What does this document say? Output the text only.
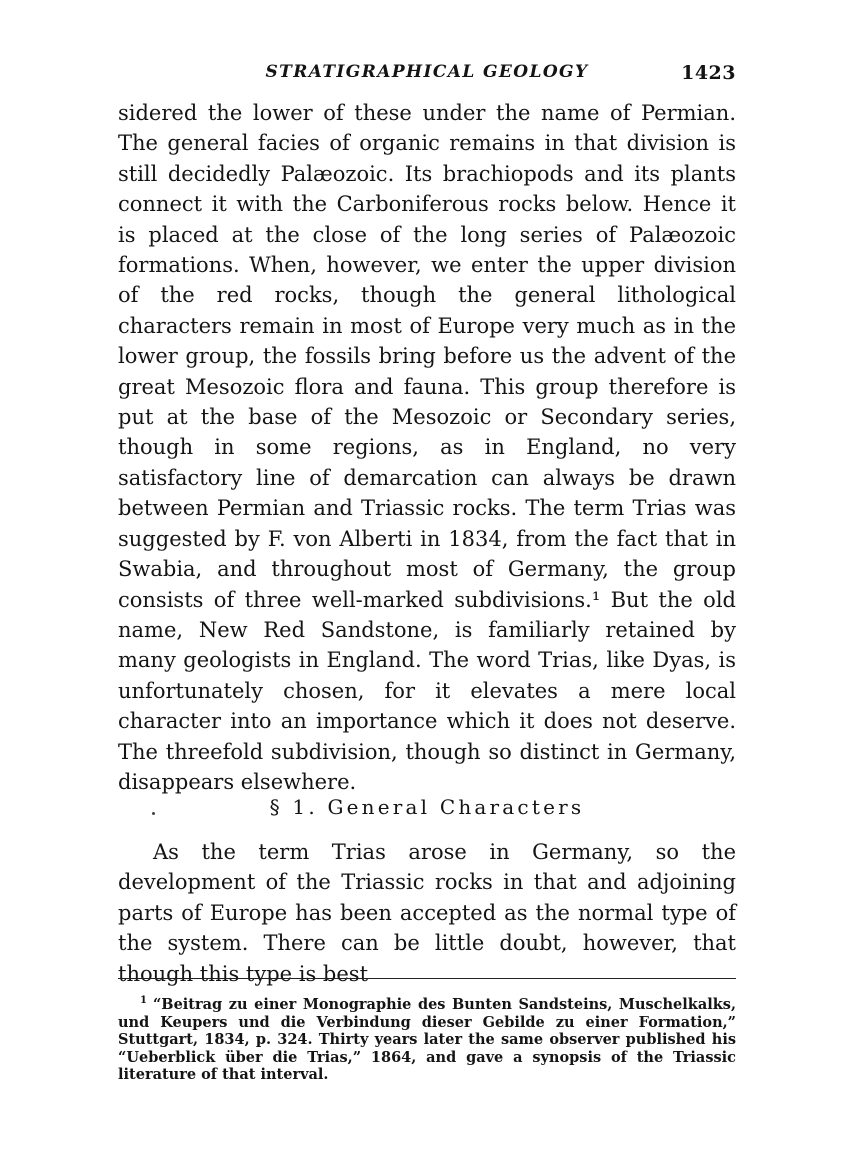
STRATIGRAPHICAL GEOLOGY	1423

sidered the lower of these under the name of Permian. The general facies of organic remains in that division is still decidedly Palæozoic. Its brachiopods and its plants connect it with the Carboniferous rocks below. Hence it is placed at the close of the long series of Palæozoic formations. When, however, we enter the upper division of the red rocks, though the general lithological characters remain in most of Europe very much as in the lower group, the fossils bring before us the advent of the great Mesozoic flora and fauna. This group therefore is put at the base of the Mesozoic or Secondary series, though in some regions, as in England, no very satisfactory line of demarcation can always be drawn between Permian and Triassic rocks. The term Trias was suggested by F. von Alberti in 1834, from the fact that in Swabia, and throughout most of Germany, the group consists of three well-marked subdivisions.¹ But the old name, New Red Sandstone, is familiarly retained by many geologists in England. The word Trias, like Dyas, is unfortunately chosen, for it elevates a mere local character into an importance which it does not deserve. The threefold subdivision, though so distinct in Germany, disappears elsewhere.

§ 1. General Characters

As the term Trias arose in Germany, so the development of the Triassic rocks in that and adjoining parts of Europe has been accepted as the normal type of the system. There can be little doubt, however, that though this type is best

$^1$ “Beitrag zu einer Monographie des Bunten Sandsteins, Muschelkalks, und Keupers und die Verbindung dieser Gebilde zu einer Formation,” Stuttgart, 1834, p. 324. Thirty years later the same observer published his “Ueberblick über die Trias,” 1864, and gave a synopsis of the Triassic literature of that interval.
